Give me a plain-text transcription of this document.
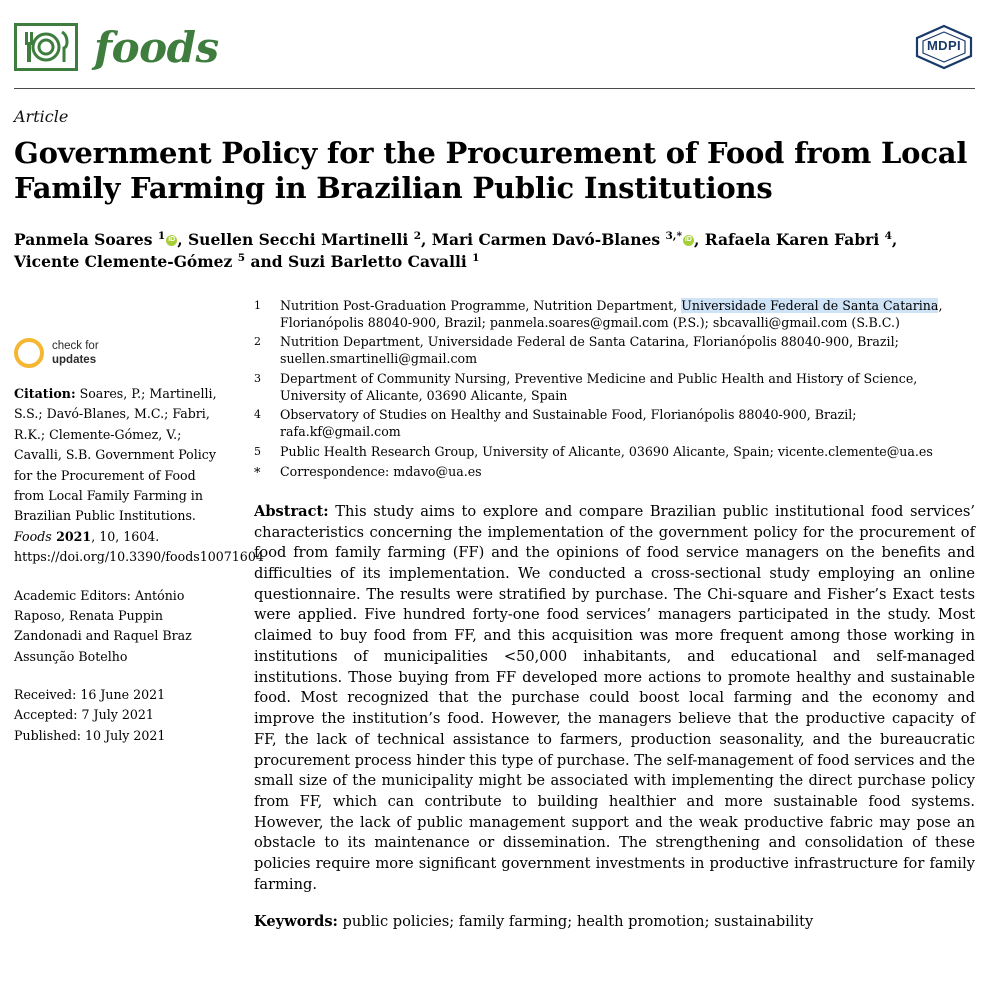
foods	MDPI
Article
Government Policy for the Procurement of Food from Local Family Farming in Brazilian Public Institutions
Panmela Soares $^1$ iD , Suellen Secchi Martinelli $^2$, Mari Carmen Davó-Blanes $^{3,*}$ iD , Rafaela Karen Fabri $^4$, Vicente Clemente-Gómez $^5$ and Suzi Barletto Cavalli $^1$
check for
updates
Citation: Soares, P.; Martinelli, S.S.; Davó-Blanes, M.C.; Fabri, R.K.; Clemente-Gómez, V.; Cavalli, S.B. Government Policy for the Procurement of Food from Local Family Farming in Brazilian Public Institutions. Foods 2021, 10, 1604. https://doi.org/10.3390/foods10071604
Academic Editors: António Raposo, Renata Puppin Zandonadi and Raquel Braz Assunção Botelho
Received: 16 June 2021
Accepted: 7 July 2021
Published: 10 July 2021
1	Nutrition Post-Graduation Programme, Nutrition Department, Universidade Federal de Santa Catarina,
Florianópolis 88040-900, Brazil; panmela.soares@gmail.com (P.S.); sbcavalli@gmail.com (S.B.C.)
2	Nutrition Department, Universidade Federal de Santa Catarina, Florianópolis 88040-900, Brazil;
suellen.smartinelli@gmail.com
3	Department of Community Nursing, Preventive Medicine and Public Health and History of Science,
University of Alicante, 03690 Alicante, Spain
4	Observatory of Studies on Healthy and Sustainable Food, Florianópolis 88040-900, Brazil; rafa.kf@gmail.com
5	Public Health Research Group, University of Alicante, 03690 Alicante, Spain; vicente.clemente@ua.es
*	Correspondence: mdavo@ua.es
Abstract: This study aims to explore and compare Brazilian public institutional food services’ characteristics concerning the implementation of the government policy for the procurement of food from family farming (FF) and the opinions of food service managers on the benefits and difficulties of its implementation. We conducted a cross-sectional study employing an online questionnaire. The results were stratified by purchase. The Chi-square and Fisher’s Exact tests were applied. Five hundred forty-one food services’ managers participated in the study. Most claimed to buy food from FF, and this acquisition was more frequent among those working in institutions of municipalities <50,000 inhabitants, and educational and self-managed institutions. Those buying from FF developed more actions to promote healthy and sustainable food. Most recognized that the purchase could boost local farming and the economy and improve the institution’s food. However, the managers believe that the productive capacity of FF, the lack of technical assistance to farmers, production seasonality, and the bureaucratic procurement process hinder this type of purchase. The self-management of food services and the small size of the municipality might be associated with implementing the direct purchase policy from FF, which can contribute to building healthier and more sustainable food systems. However, the lack of public management support and the weak productive fabric may pose an obstacle to its maintenance or dissemination. The strengthening and consolidation of these policies require more significant government investments in productive infrastructure for family farming.
Keywords: public policies; family farming; health promotion; sustainability
